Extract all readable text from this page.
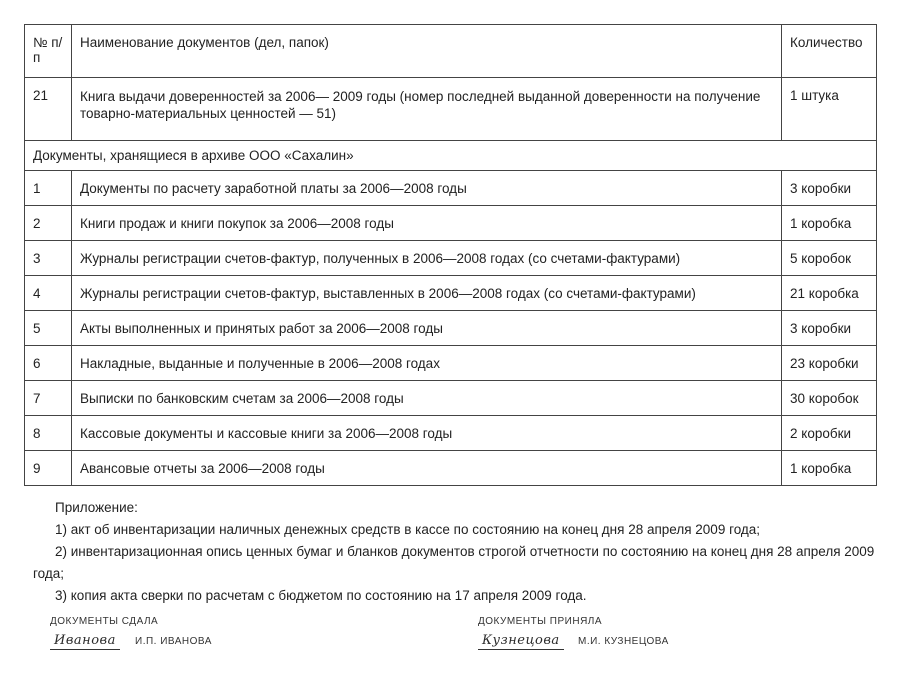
№ п/п	Наименование документов (дел, папок)	Количество
21	Книга выдачи доверенностей за 2006— 2009 годы (номер последней выданной доверенности на получение товарно-материальных ценностей — 51)	1 штука
Документы, хранящиеся в архиве ООО «Сахалин»		
1	Документы по расчету заработной платы за 2006—2008 годы	3 коробки
2	Книги продаж и книги покупок за 2006—2008 годы	1 коробка
3	Журналы регистрации счетов-фактур, полученных в 2006—2008 годах (со счетами-фактурами)	5 коробок
4	Журналы регистрации счетов-фактур, выставленных в 2006—2008 годах (со счетами-фактурами)	21 коробка
5	Акты выполненных и принятых работ за 2006—2008 годы	3 коробки
6	Накладные, выданные и полученные в 2006—2008 годах	23 коробки
7	Выписки по банковским счетам за 2006—2008 годы	30 коробок
8	Кассовые документы и кассовые книги за 2006—2008 годы	2 коробки
9	Авансовые отчеты за 2006—2008 годы	1 коробка
Приложение:
1) акт об инвентаризации наличных денежных средств в кассе по состоянию на конец дня 28 апреля 2009 года;
2) инвентаризационная опись ценных бумаг и бланков документов строгой отчетности по состоянию на конец дня 28 апреля 2009 года;
3) копия акта сверки по расчетам с бюджетом по состоянию на 17 апреля 2009 года.
ДОКУМЕНТЫ СДАЛА
Иванова	И.П. ИВАНОВА
ДОКУМЕНТЫ ПРИНЯЛА
Кузнецова	М.И. КУЗНЕЦОВА
